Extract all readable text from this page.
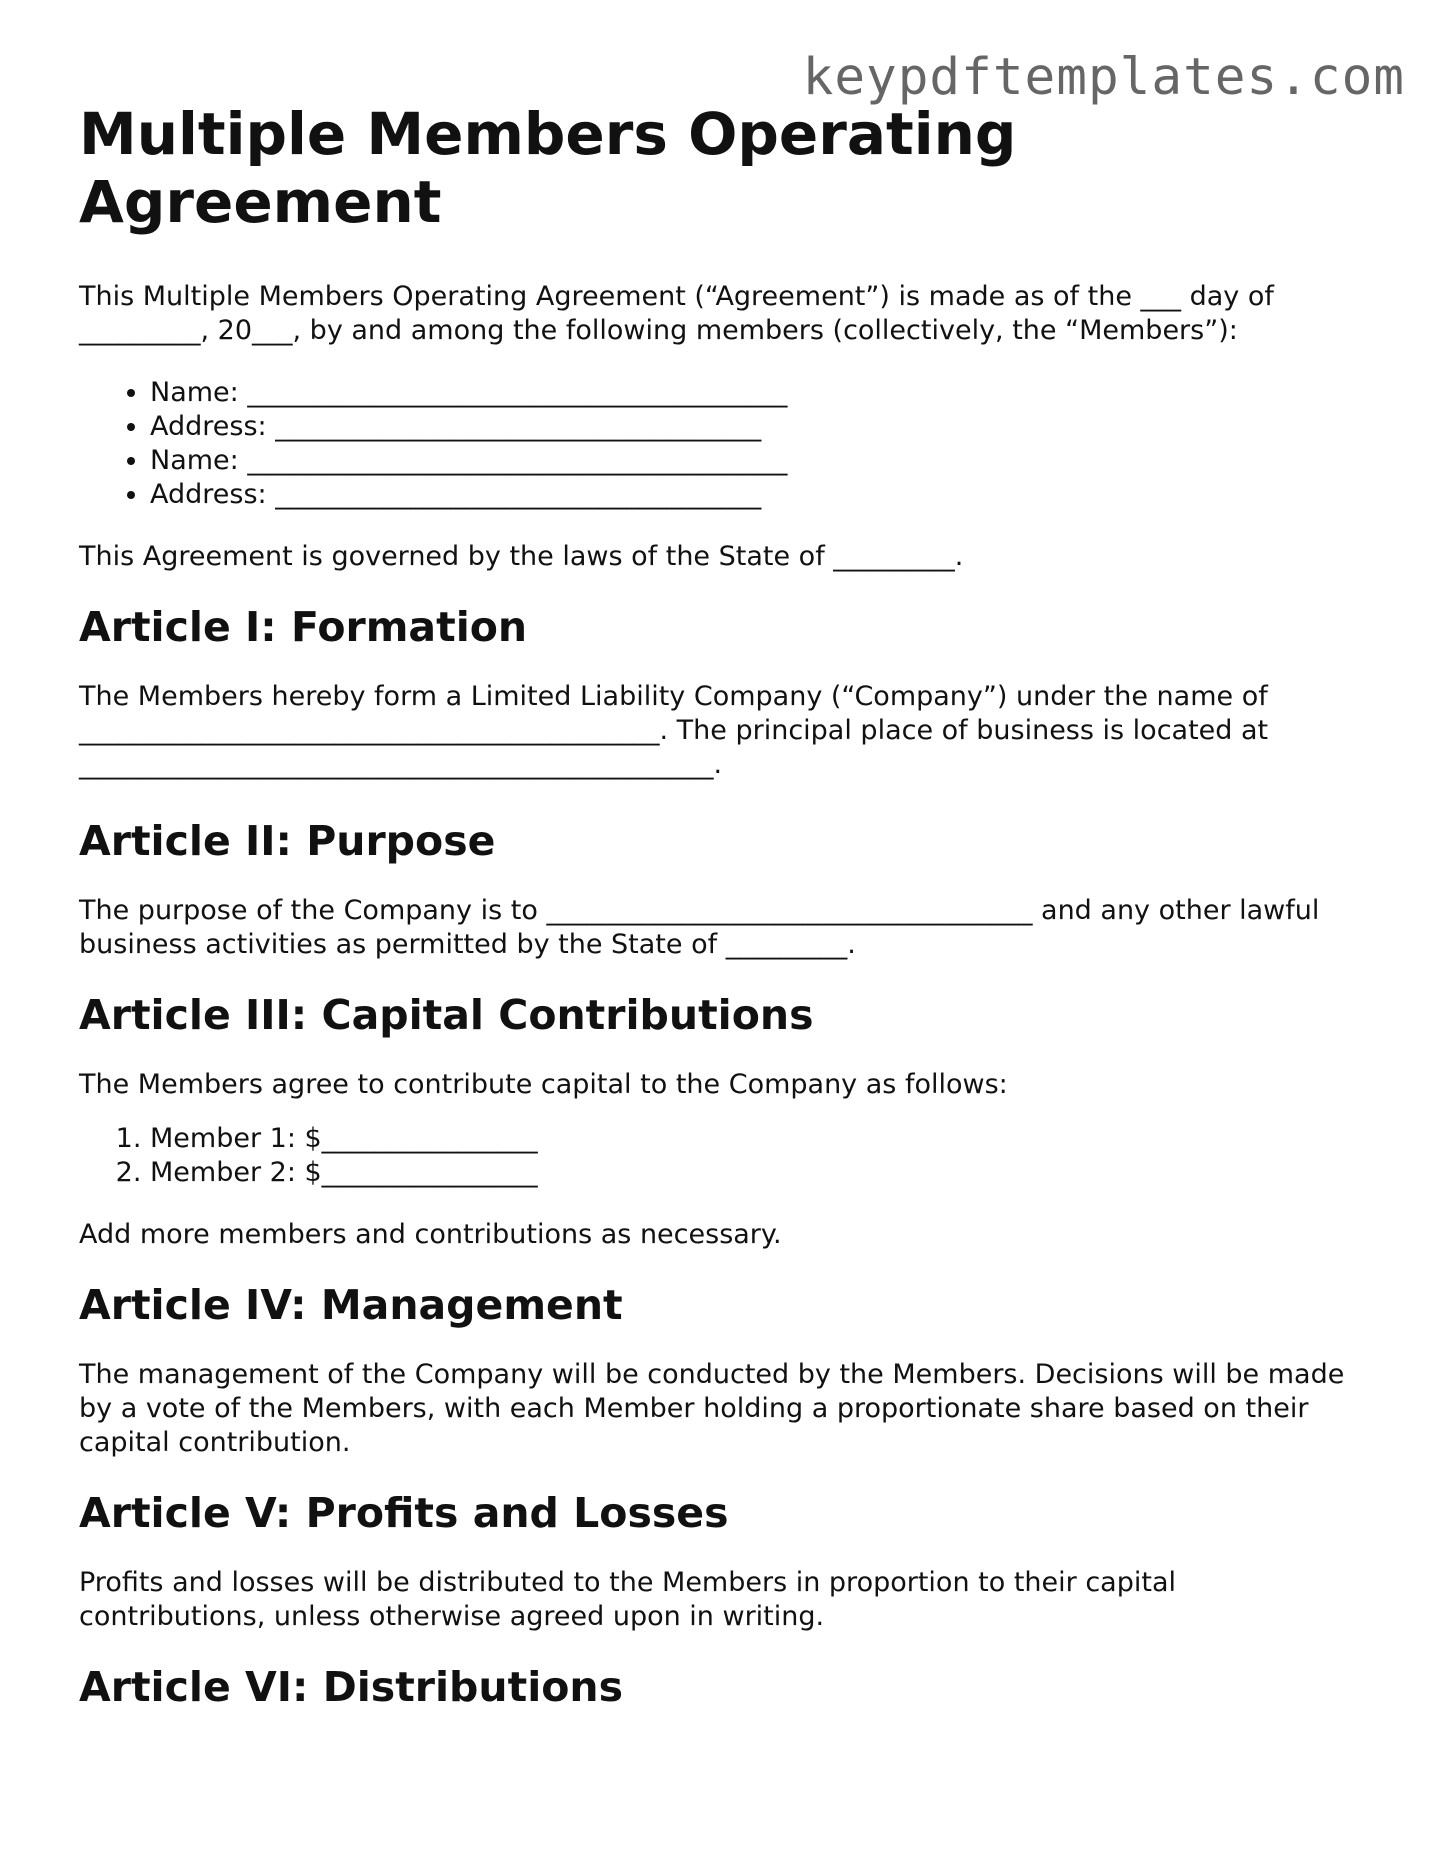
keypdftemplates.com
Multiple Members Operating Agreement

This Multiple Members Operating Agreement (“Agreement”) is made as of the ___ day of _________, 20___, by and among the following members (collectively, the “Members”):

• Name: ________________________________________
• Address: ____________________________________
• Name: ________________________________________
• Address: ____________________________________

This Agreement is governed by the laws of the State of _________.

Article I: Formation

The Members hereby form a Limited Liability Company (“Company”) under the name of ___________________________________________. The principal place of business is located at _______________________________________________.

Article II: Purpose

The purpose of the Company is to ____________________________________ and any other lawful business activities as permitted by the State of _________.

Article III: Capital Contributions

The Members agree to contribute capital to the Company as follows:

1. Member 1: $________________
2. Member 2: $________________

Add more members and contributions as necessary.

Article IV: Management

The management of the Company will be conducted by the Members. Decisions will be made by a vote of the Members, with each Member holding a proportionate share based on their capital contribution.

Article V: Profits and Losses

Profits and losses will be distributed to the Members in proportion to their capital contributions, unless otherwise agreed upon in writing.

Article VI: Distributions
